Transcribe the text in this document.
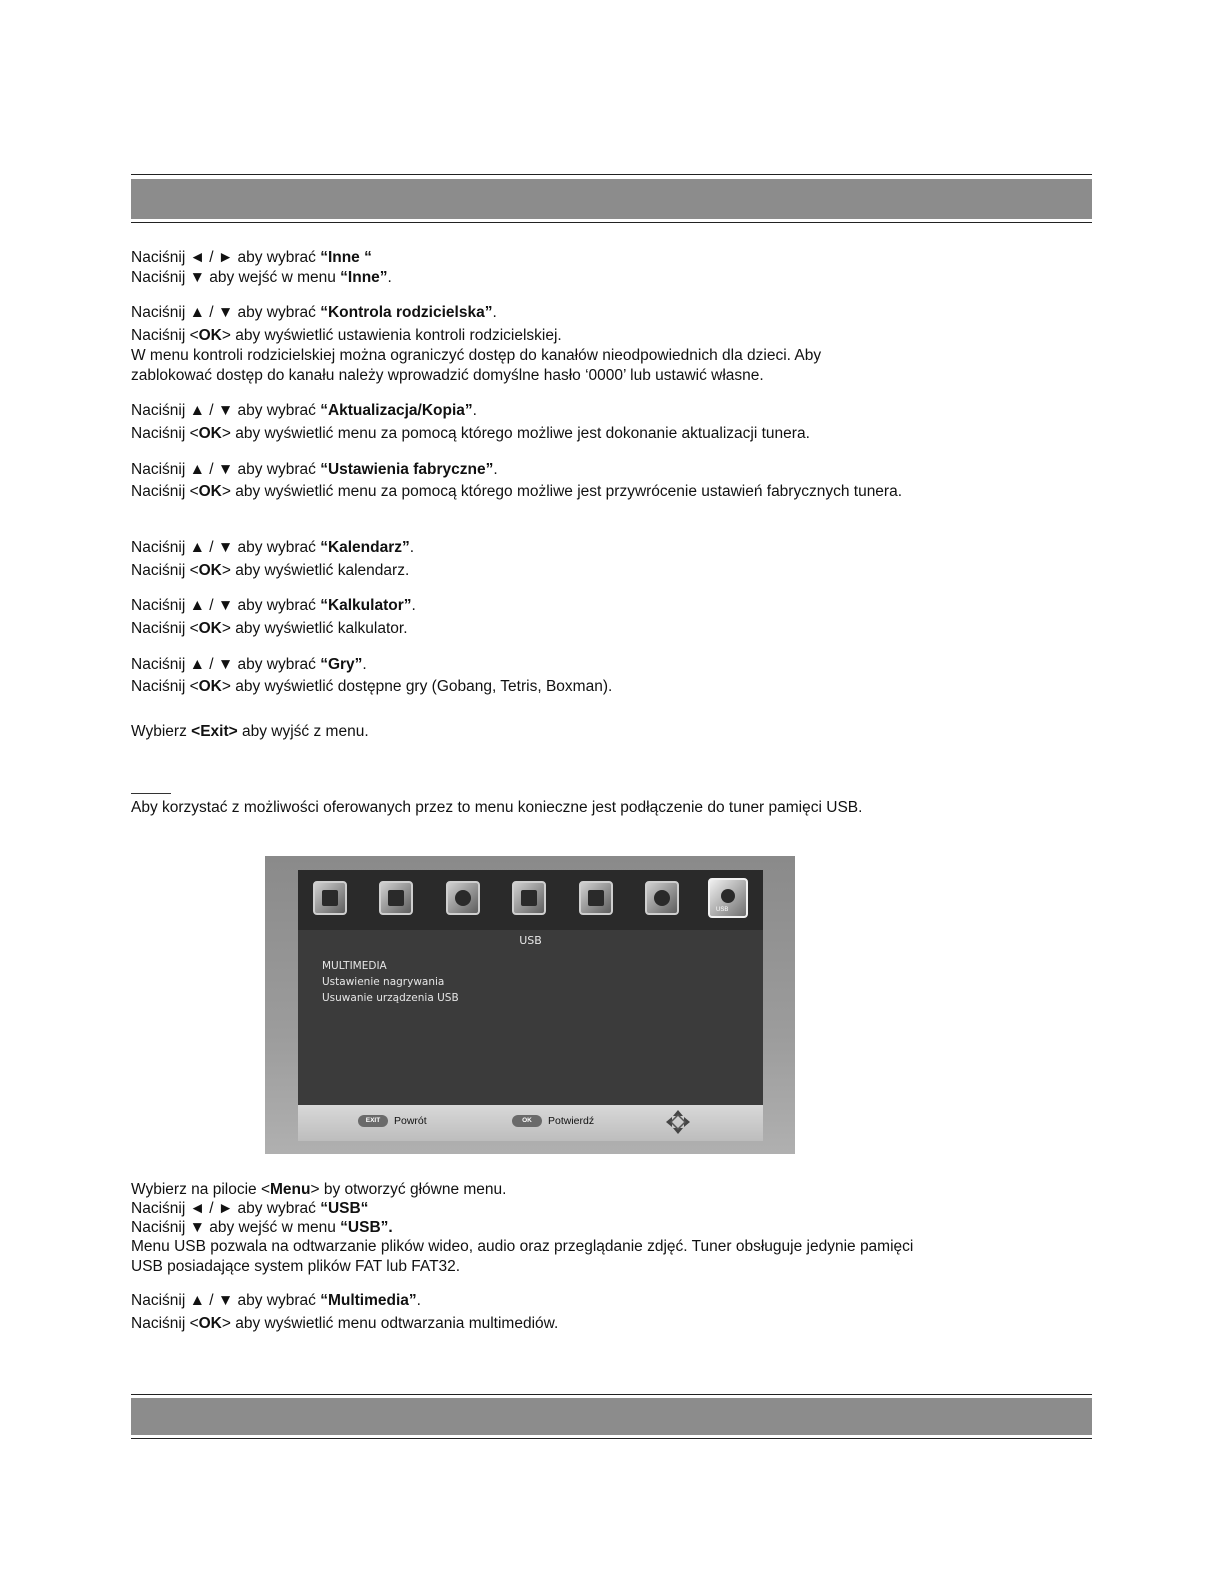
Naciśnij ◄ / ► aby wybrać “Inne “

Naciśnij ▼ aby wejść w menu “Inne”.

Naciśnij ▲ / ▼ aby wybrać “Kontrola rodzicielska”.

Naciśnij <OK> aby wyświetlić ustawienia kontroli rodzicielskiej.

W menu kontroli rodzicielskiej można ograniczyć dostęp do kanałów nieodpowiednich dla dzieci. Aby zablokować dostęp do kanału należy wprowadzić domyślne hasło ‘0000’ lub ustawić własne.

Naciśnij ▲ / ▼ aby wybrać “Aktualizacja/Kopia”.

Naciśnij <OK> aby wyświetlić menu za pomocą którego możliwe jest dokonanie aktualizacji tunera.

Naciśnij ▲ / ▼ aby wybrać “Ustawienia fabryczne”.

Naciśnij <OK> aby wyświetlić menu za pomocą którego możliwe jest przywrócenie ustawień fabrycznych tunera.

Naciśnij ▲ / ▼ aby wybrać “Kalendarz”.

Naciśnij <OK> aby wyświetlić kalendarz.

Naciśnij ▲ / ▼ aby wybrać “Kalkulator”.

Naciśnij <OK> aby wyświetlić kalkulator.

Naciśnij ▲ / ▼ aby wybrać “Gry”.

Naciśnij <OK> aby wyświetlić dostępne gry (Gobang, Tetris, Boxman).

Wybierz <Exit> aby wyjść z menu.

Aby korzystać z możliwości oferowanych przez to menu konieczne jest podłączenie do tuner pamięci USB.

USB
USB
MULTIMEDIA
Ustawienie nagrywania
Usuwanie urządzenia USB
EXIT	Powrót	OK	Potwierdź

Wybierz na pilocie <Menu> by otworzyć główne menu.

Naciśnij ◄ / ► aby wybrać “USB“

Naciśnij ▼ aby wejść w menu “USB”.

Menu USB pozwala na odtwarzanie plików wideo, audio oraz przeglądanie zdjęć. Tuner obsługuje jedynie pamięci USB posiadające system plików FAT lub FAT32.

Naciśnij ▲ / ▼ aby wybrać “Multimedia”.

Naciśnij <OK> aby wyświetlić menu odtwarzania multimediów.
